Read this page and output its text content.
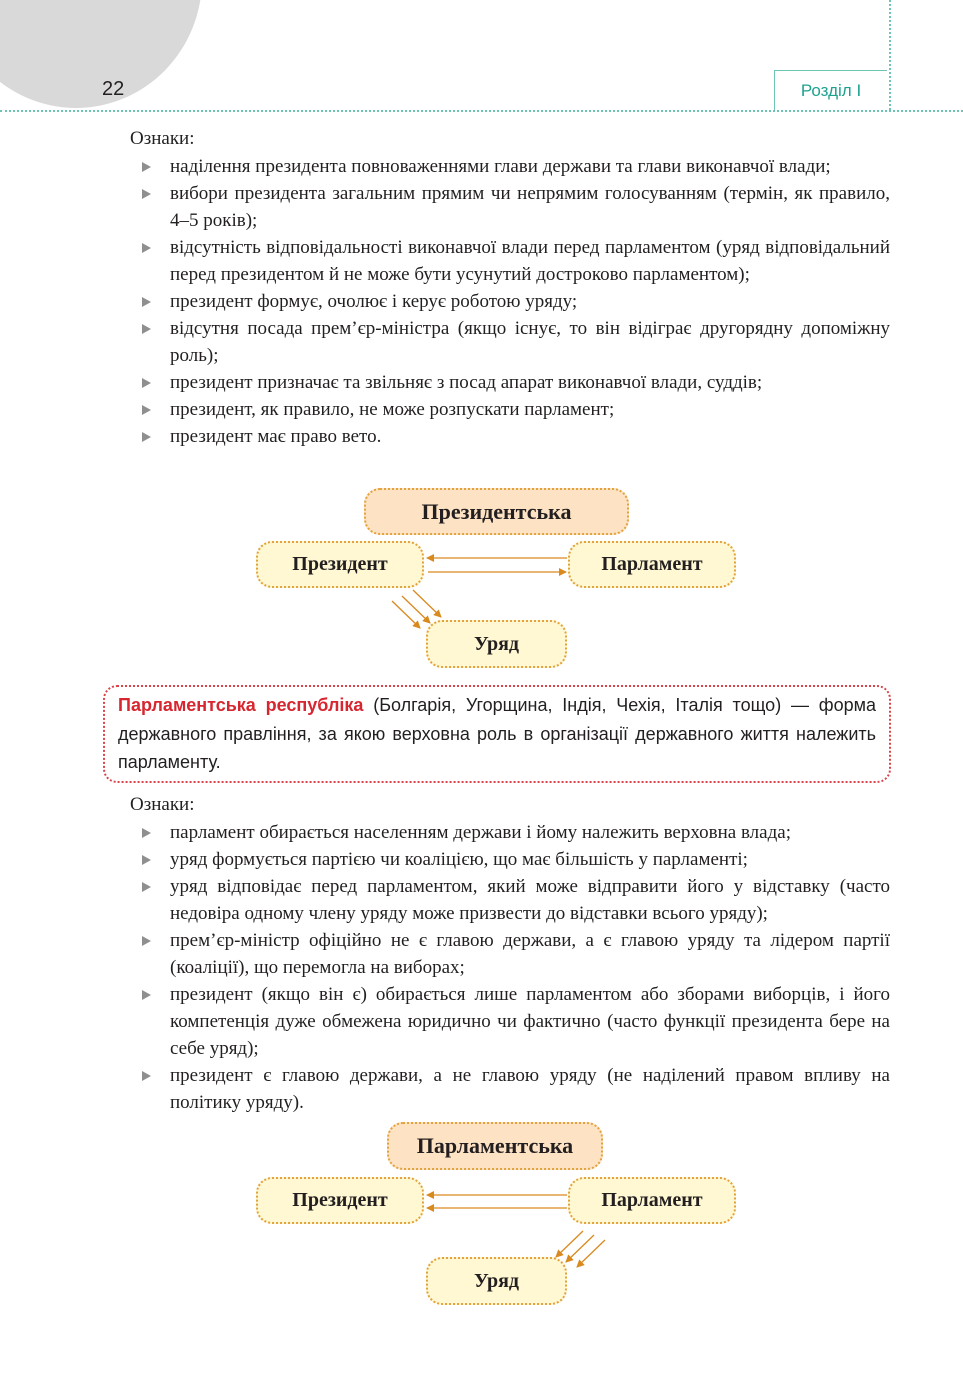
22	Розділ І
Ознаки:
наділення президента повноваженнями глави держави та глави виконавчої влади;
вибори президента загальним прямим чи непрямим голосуванням (термін, як правило, 4–5 років);
відсутність відповідальності виконавчої влади перед парламентом (уряд відповідальний перед президентом й не може бути усунутий достроково парламентом);
президент формує, очолює і керує роботою уряду;
відсутня посада прем’єр-міністра (якщо існує, то він відіграє другорядну допоміжну роль);
президент призначає та звільняє з посад апарат виконавчої влади, суддів;
президент, як правило, не може розпускати парламент;
президент має право вето.
Президентська
Президент	Парламент
Уряд
Парламентська республіка (Болгарія, Угорщина, Індія, Чехія, Італія тощо) — форма державного правління, за якою верховна роль в організації державного життя належить парламенту.
Ознаки:
парламент обирається населенням держави і йому належить верховна влада;
уряд формується партією чи коаліцією, що має більшість у парламенті;
уряд відповідає перед парламентом, який може відправити його у відставку (часто недовіра одному члену уряду може призвести до відставки всього уряду);
прем’єр-міністр офіційно не є главою держави, а є главою уряду та лідером партії (коаліції), що перемогла на виборах;
президент (якщо він є) обирається лише парламентом або зборами виборців, і його компетенція дуже обмежена юридично чи фактично (часто функції президента бере на себе уряд);
президент є главою держави, а не главою уряду (не наділений правом впливу на політику уряду).
Парламентська
Президент	Парламент
Уряд
